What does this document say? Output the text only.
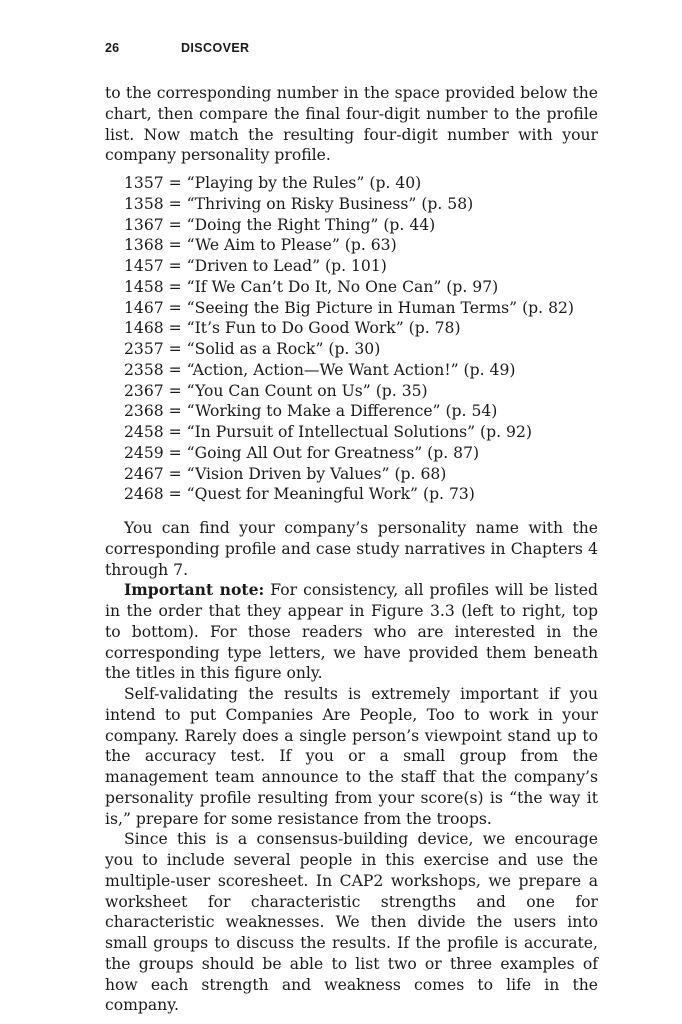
26	DISCOVER

to the corresponding number in the space provided below the chart, then compare the final four-digit number to the profile list. Now match the resulting four-digit number with your company personality profile.

1357 = “Playing by the Rules” (p. 40)
1358 = “Thriving on Risky Business” (p. 58)
1367 = “Doing the Right Thing” (p. 44)
1368 = “We Aim to Please” (p. 63)
1457 = “Driven to Lead” (p. 101)
1458 = “If We Can’t Do It, No One Can” (p. 97)
1467 = “Seeing the Big Picture in Human Terms” (p. 82)
1468 = “It’s Fun to Do Good Work” (p. 78)
2357 = “Solid as a Rock” (p. 30)
2358 = “Action, Action—We Want Action!” (p. 49)
2367 = “You Can Count on Us” (p. 35)
2368 = “Working to Make a Difference” (p. 54)
2458 = “In Pursuit of Intellectual Solutions” (p. 92)
2459 = “Going All Out for Greatness” (p. 87)
2467 = “Vision Driven by Values” (p. 68)
2468 = “Quest for Meaningful Work” (p. 73)

You can find your company’s personality name with the corresponding profile and case study narratives in Chapters 4 through 7.

Important note: For consistency, all profiles will be listed in the order that they appear in Figure 3.3 (left to right, top to bottom). For those readers who are interested in the corresponding type letters, we have provided them beneath the titles in this figure only.

Self-validating the results is extremely important if you intend to put Companies Are People, Too to work in your company. Rarely does a single person’s viewpoint stand up to the accuracy test. If you or a small group from the management team announce to the staff that the company’s personality profile resulting from your score(s) is “the way it is,” prepare for some resistance from the troops.

Since this is a consensus-building device, we encourage you to include several people in this exercise and use the multiple-user scoresheet. In CAP2 workshops, we prepare a worksheet for characteristic strengths and one for characteristic weaknesses. We then divide the users into small groups to discuss the results. If the profile is accurate, the groups should be able to list two or three examples of how each strength and weakness comes to life in the company.
